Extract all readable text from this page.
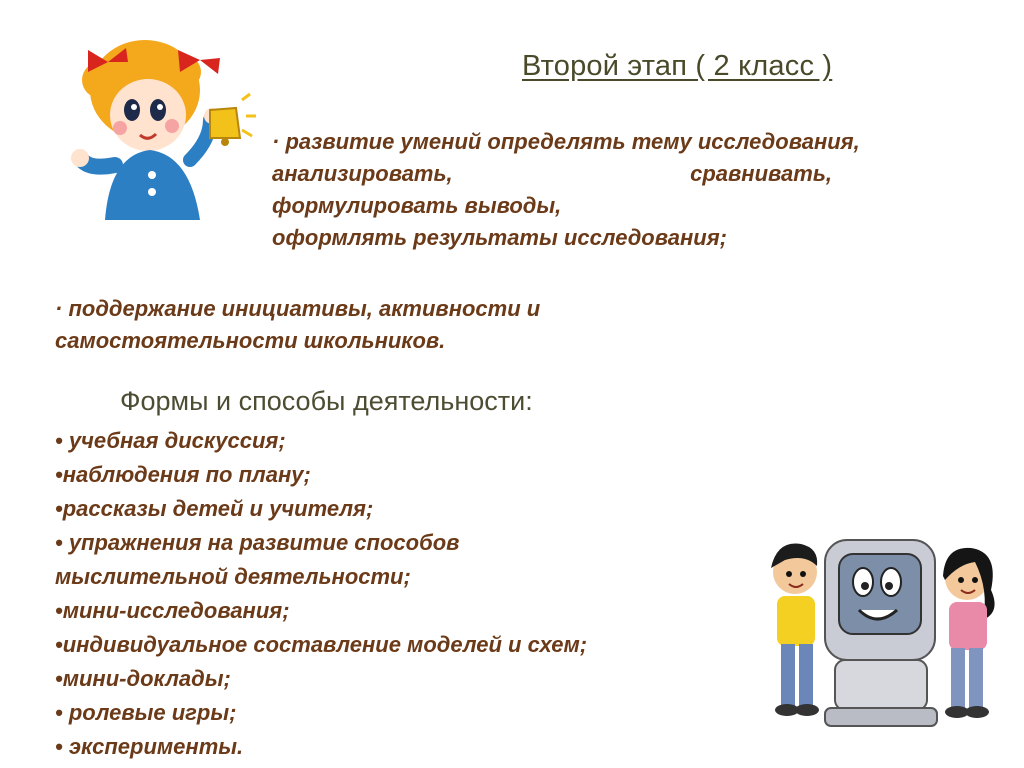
Второй этап ( 2 класс )
· развитие умений определять тему исследования,
анализировать,	сравнивать,
формулировать выводы,
оформлять результаты исследования;
· поддержание инициативы, активности и
самостоятельности школьников.
Формы и способы деятельности:
• учебная дискуссия;
•наблюдения по плану;
•рассказы детей и учителя;
• упражнения на развитие способов
мыслительной деятельности;
•мини-исследования;
•индивидуальное составление моделей и схем;
•мини-доклады;
• ролевые игры;
• эксперименты.
